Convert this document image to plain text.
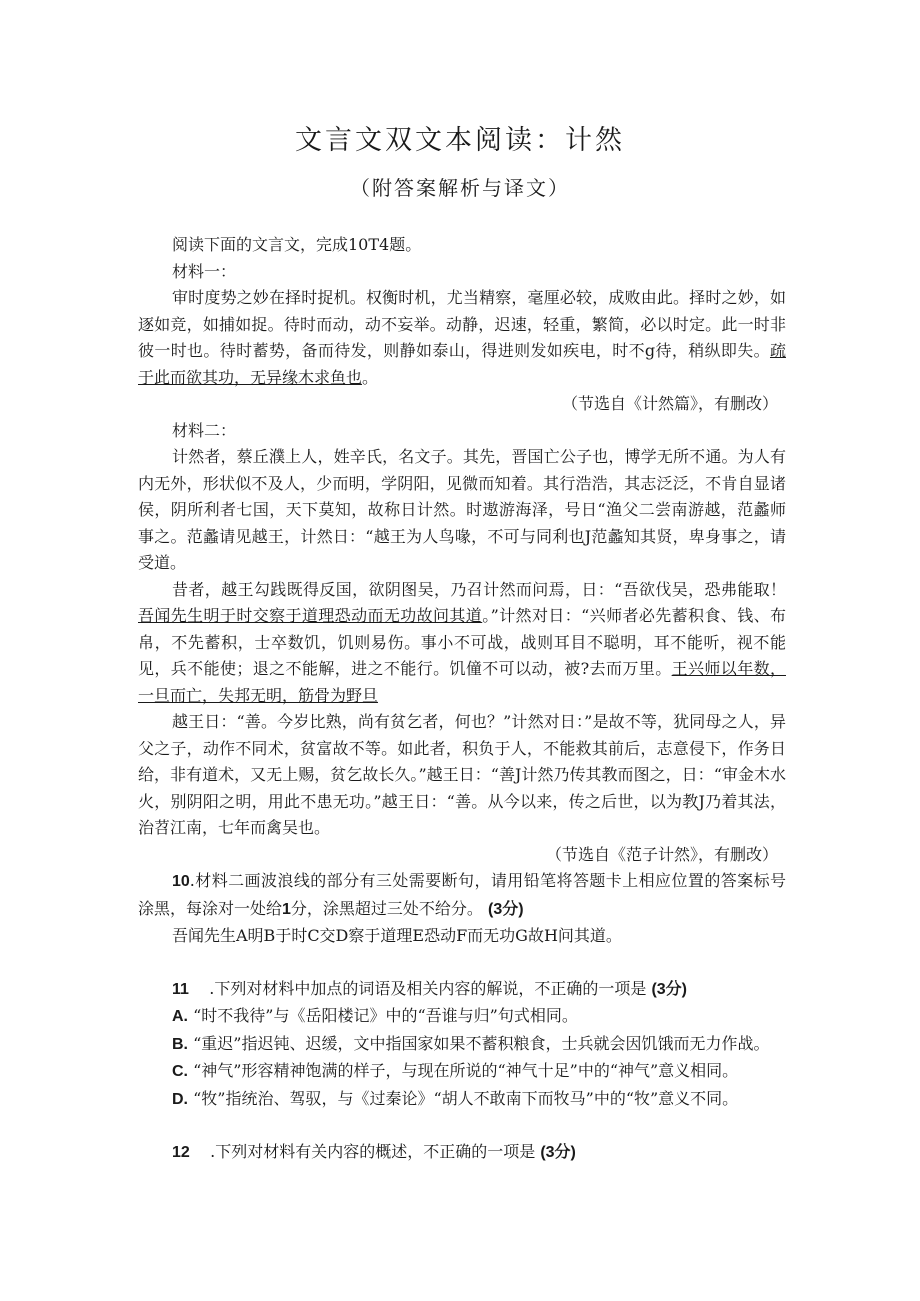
文言文双文本阅读：计然
（附答案解析与译文）

阅读下面的文言文，完成10T4题。

材料一：

审时度势之妙在择时捉机。权衡时机，尤当精察，毫厘必较，成败由此。择时之妙，如逐如竞，如捕如捉。待时而动，动不妄举。动静，迟速，轻重，繁简，必以时定。此一时非彼一时也。待时蓄势，备而待发，则静如泰山，得进则发如疾电，时不g待，稍纵即失。疏于此而欲其功，无异缘木求鱼也。

（节选自《计然篇》，有删改）

材料二：

计然者，蔡丘濮上人，姓辛氏，名文子。其先，晋国亡公子也，博学无所不通。为人有内无外，形状似不及人，少而明，学阴阳，见微而知着。其行浩浩，其志泛泛，不肯自显诸侯，阴所利者七国，天下莫知，故称日计然。时遨游海泽，号日“渔父二尝南游越，范蠡师事之。范蠡请见越王，计然日：“越王为人鸟喙，不可与同利也J范蠡知其贤，卑身事之，请受道。

昔者，越王勾践既得反国，欲阴图吴，乃召计然而问焉，日：“吾欲伐吴，恐弗能取！吾闻先生明于时交察于道理恐动而无功故问其道。”计然对日：“兴师者必先蓄积食、钱、布帛，不先蓄积，士卒数饥，饥则易伤。事小不可战，战则耳目不聪明，耳不能听，视不能见，兵不能使；退之不能解，进之不能行。饥僮不可以动，被?去而万里。王兴师以年数，一旦而亡，失邦无明，筋骨为野旦

越王日：“善。今岁比熟，尚有贫乞者，何也？”计然对日：”是故不等，犹同母之人，异父之子，动作不同术，贫富故不等。如此者，积负于人，不能救其前后，志意侵下，作务日给，非有道术，又无上赐，贫乞故长久。”越王日：“善J计然乃传其教而图之，日：“审金木水火，别阴阳之明，用此不患无功。”越王日：“善。从今以来，传之后世，以为教J乃着其法，治苕江南，七年而禽吴也。

（节选自《范子计然》，有删改）

10.材料二画波浪线的部分有三处需要断句，请用铅笔将答题卡上相应位置的答案标号涂黑，每涂对一处给1分，涂黑超过三处不给分。 (3分)

吾闻先生A明B于时C交D察于道理E恐动F而无功G故H问其道。

11 .下列对材料中加点的词语及相关内容的解说，不正确的一项是 (3分)

A. “时不我待”与《岳阳楼记》中的“吾谁与归”句式相同。

B. “重迟”指迟钝、迟缓，文中指国家如果不蓄积粮食，士兵就会因饥饿而无力作战。

C. “神气”形容精神饱满的样子，与现在所说的“神气十足”中的“神气”意义相同。

D. “牧”指统治、驾驭，与《过秦论》“胡人不敢南下而牧马”中的“牧”意义不同。

12 .下列对材料有关内容的概述，不正确的一项是 (3分)
